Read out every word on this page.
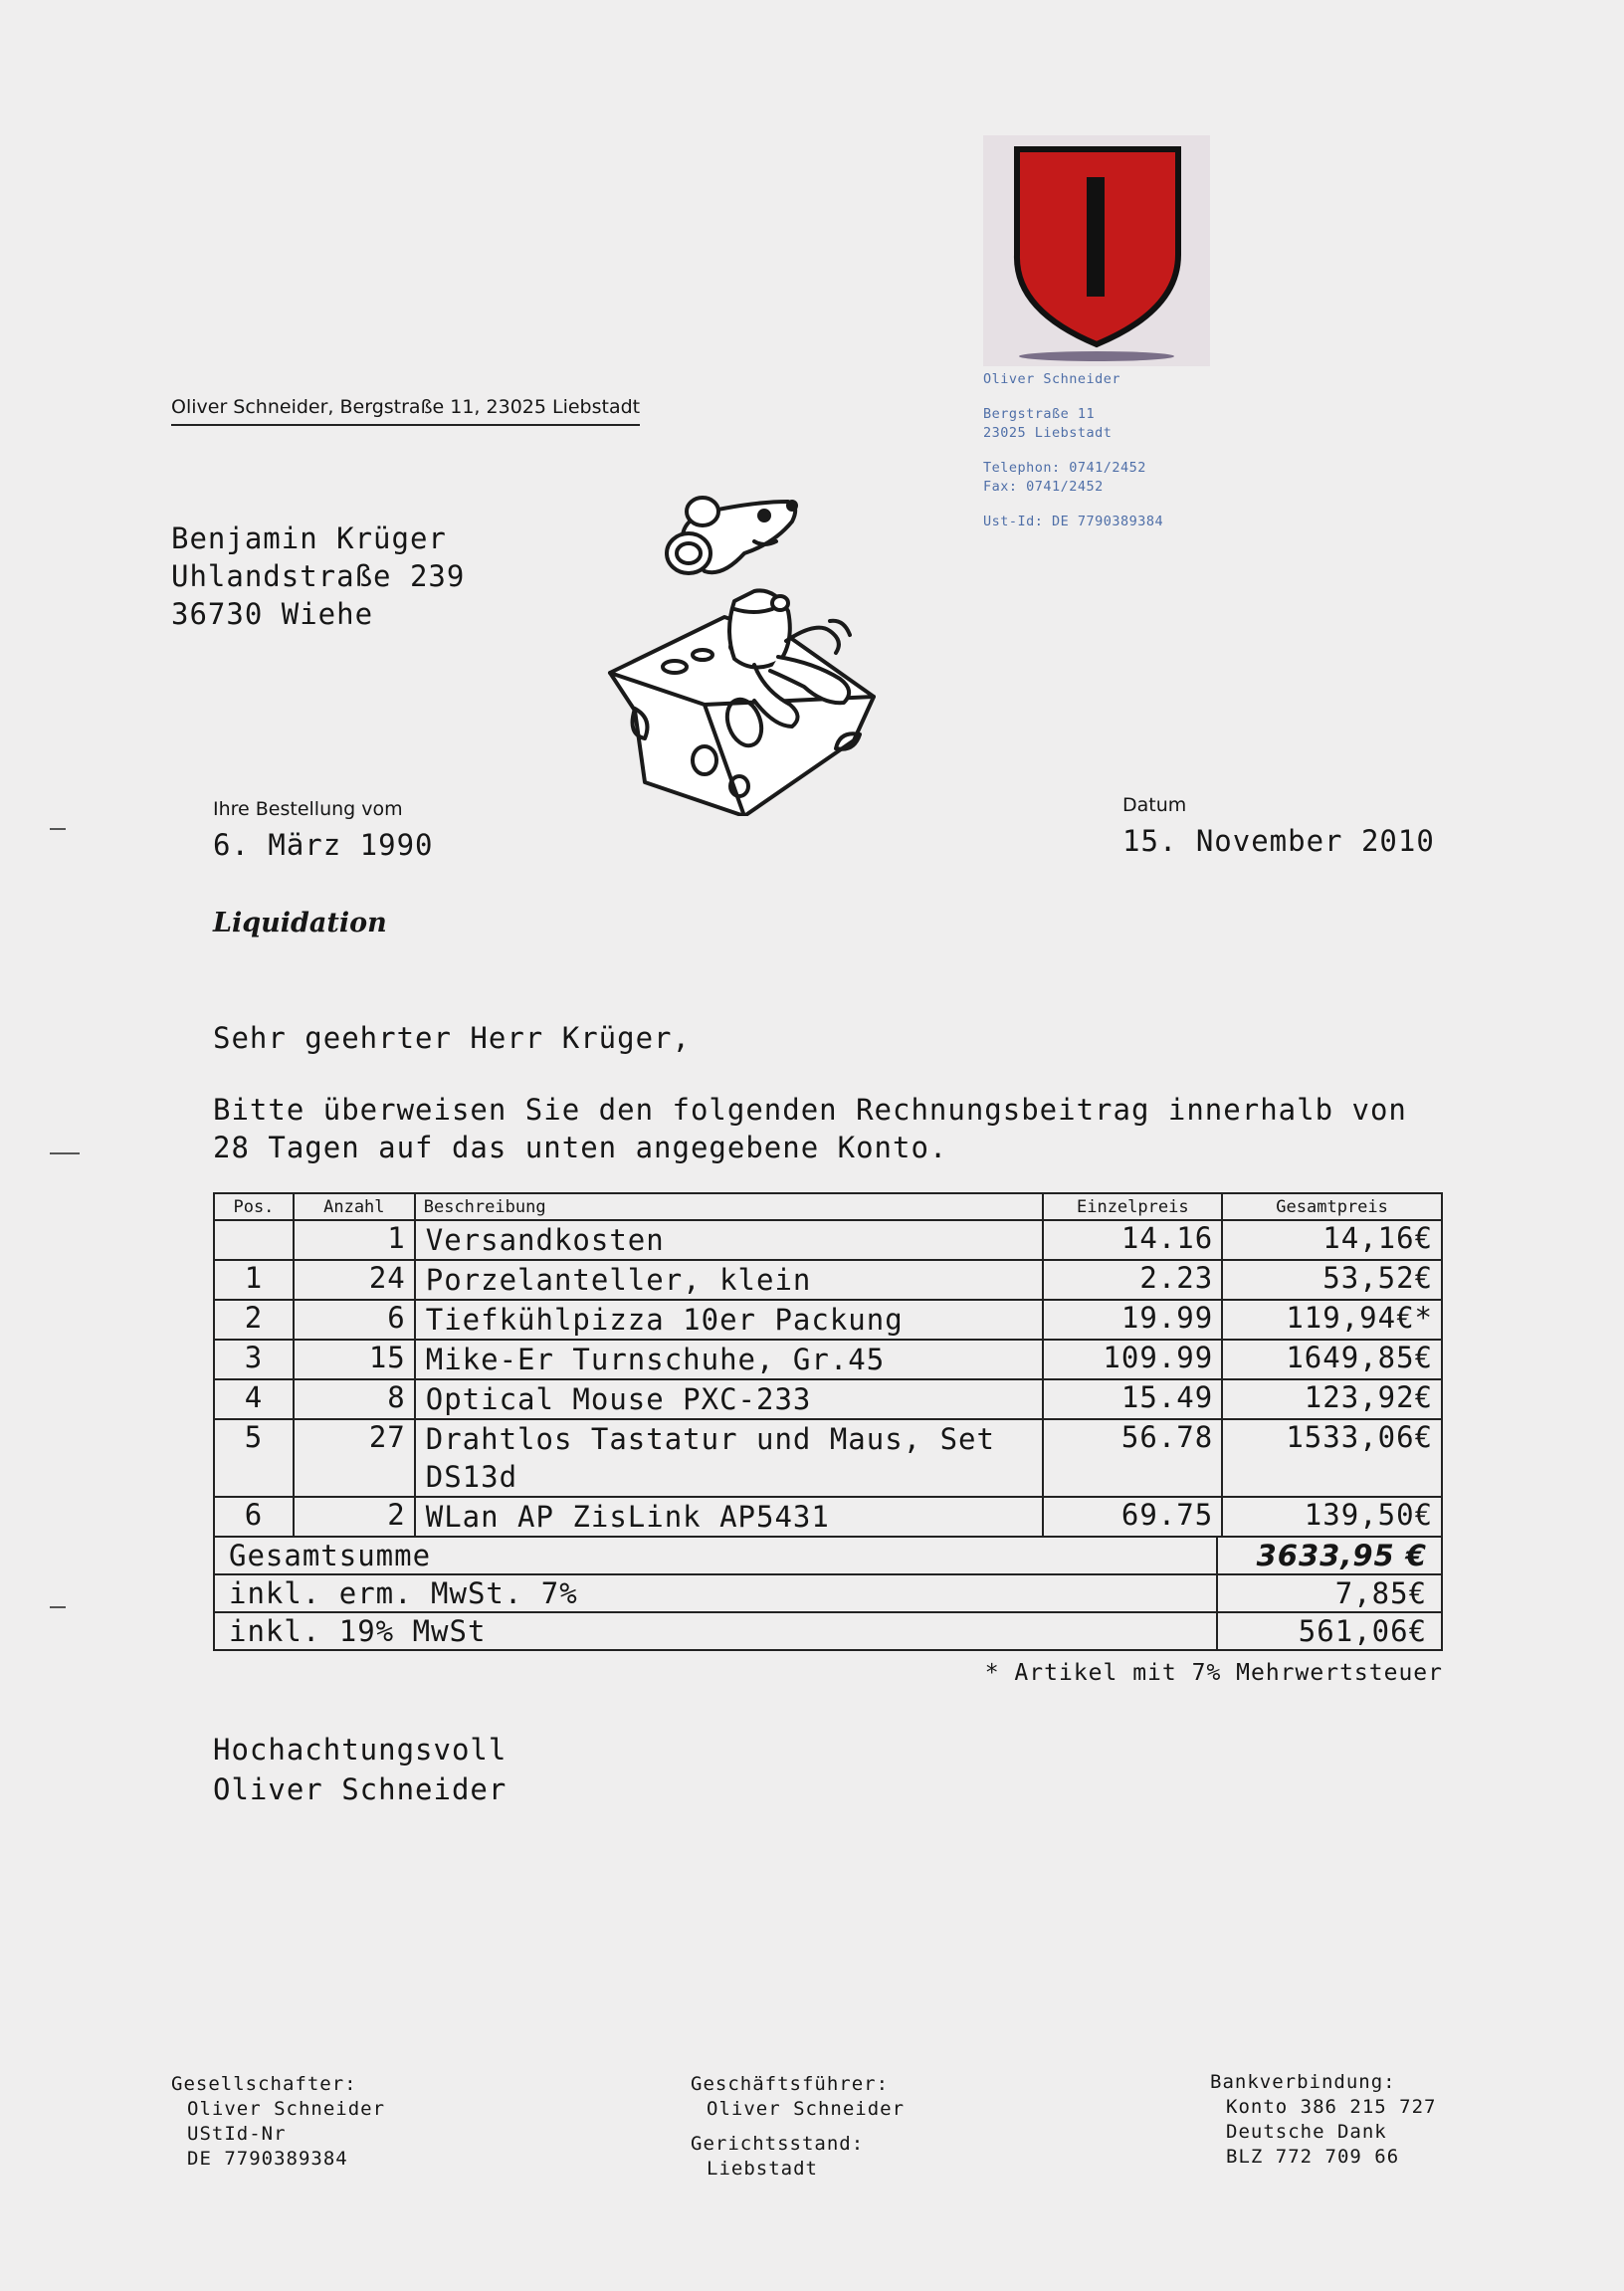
Oliver Schneider
Bergstraße 11
23025 Liebstadt
Telephon: 0741/2452
Fax: 0741/2452
Ust-Id: DE 7790389384
Oliver Schneider, Bergstraße 11, 23025 Liebstadt
Benjamin Krüger
Uhlandstraße 239
36730 Wiehe
Ihre Bestellung vom
6. März 1990
Datum
15. November 2010
Liquidation
Sehr geehrter Herr Krüger,
Bitte überweisen Sie den folgenden Rechnungsbeitrag innerhalb von
28 Tagen auf das unten angegebene Konto.
Pos.	Anzahl	Beschreibung	Einzelpreis	Gesamtpreis
	1	Versandkosten	14.16	14,16€
1	24	Porzelanteller, klein	2.23	53,52€
2	6	Tiefkühlpizza 10er Packung	19.99	119,94€*
3	15	Mike-Er Turnschuhe, Gr.45	109.99	1649,85€
4	8	Optical Mouse PXC-233	15.49	123,92€
5	27	Drahtlos Tastatur und Maus, Set DS13d	56.78	1533,06€
6	2	WLan AP ZisLink AP5431	69.75	139,50€
Gesamtsumme	3633,95 €
inkl. erm. MwSt. 7%	7,85€
inkl. 19% MwSt	561,06€
* Artikel mit 7% Mehrwertsteuer
Hochachtungsvoll
Oliver Schneider
Gesellschafter:
Oliver Schneider
UStId-Nr
DE 7790389384
Geschäftsführer:
Oliver Schneider
Gerichtsstand:
Liebstadt
Bankverbindung:
Konto 386 215 727
Deutsche Dank
BLZ 772 709 66
